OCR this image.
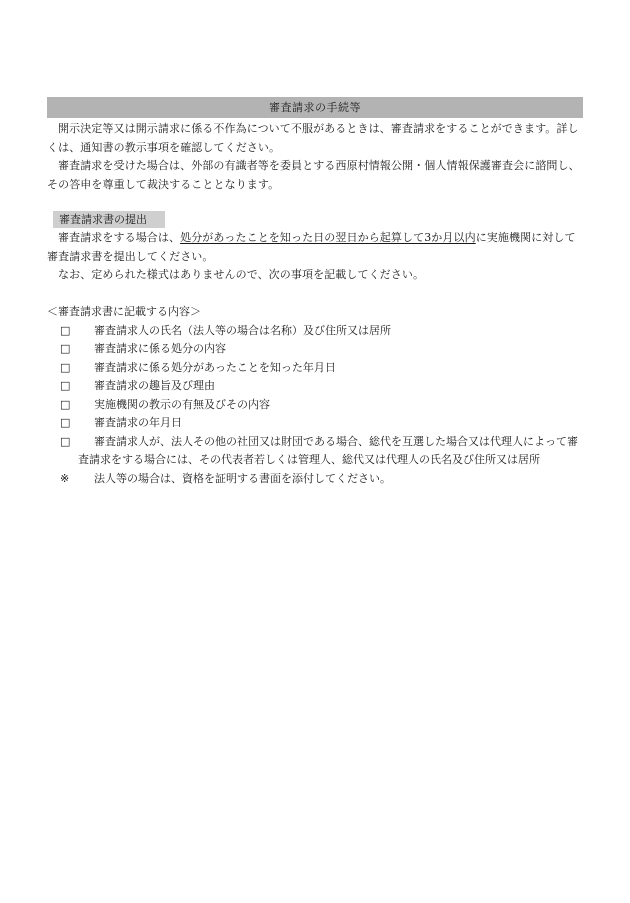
審査請求の手続等

開示決定等又は開示請求に係る不作為について不服があるときは、審査請求をすることができます。詳しくは、通知書の教示事項を確認してください。

審査請求を受けた場合は、外部の有識者等を委員とする西原村情報公開・個人情報保護審査会に諮問し、その答申を尊重して裁決することとなります。

審査請求書の提出

審査請求をする場合は、処分があったことを知った日の翌日から起算して3か月以内に実施機関に対して審査請求書を提出してください。

なお、定められた様式はありませんので、次の事項を記載してください。

＜審査請求書に記載する内容＞

□ 審査請求人の氏名（法人等の場合は名称）及び住所又は居所
□ 審査請求に係る処分の内容
□ 審査請求に係る処分があったことを知った年月日
□ 審査請求の趣旨及び理由
□ 実施機関の教示の有無及びその内容
□ 審査請求の年月日
□ 審査請求人が、法人その他の社団又は財団である場合、総代を互選した場合又は代理人によって審査請求をする場合には、その代表者若しくは管理人、総代又は代理人の氏名及び住所又は居所
※ 法人等の場合は、資格を証明する書面を添付してください。
